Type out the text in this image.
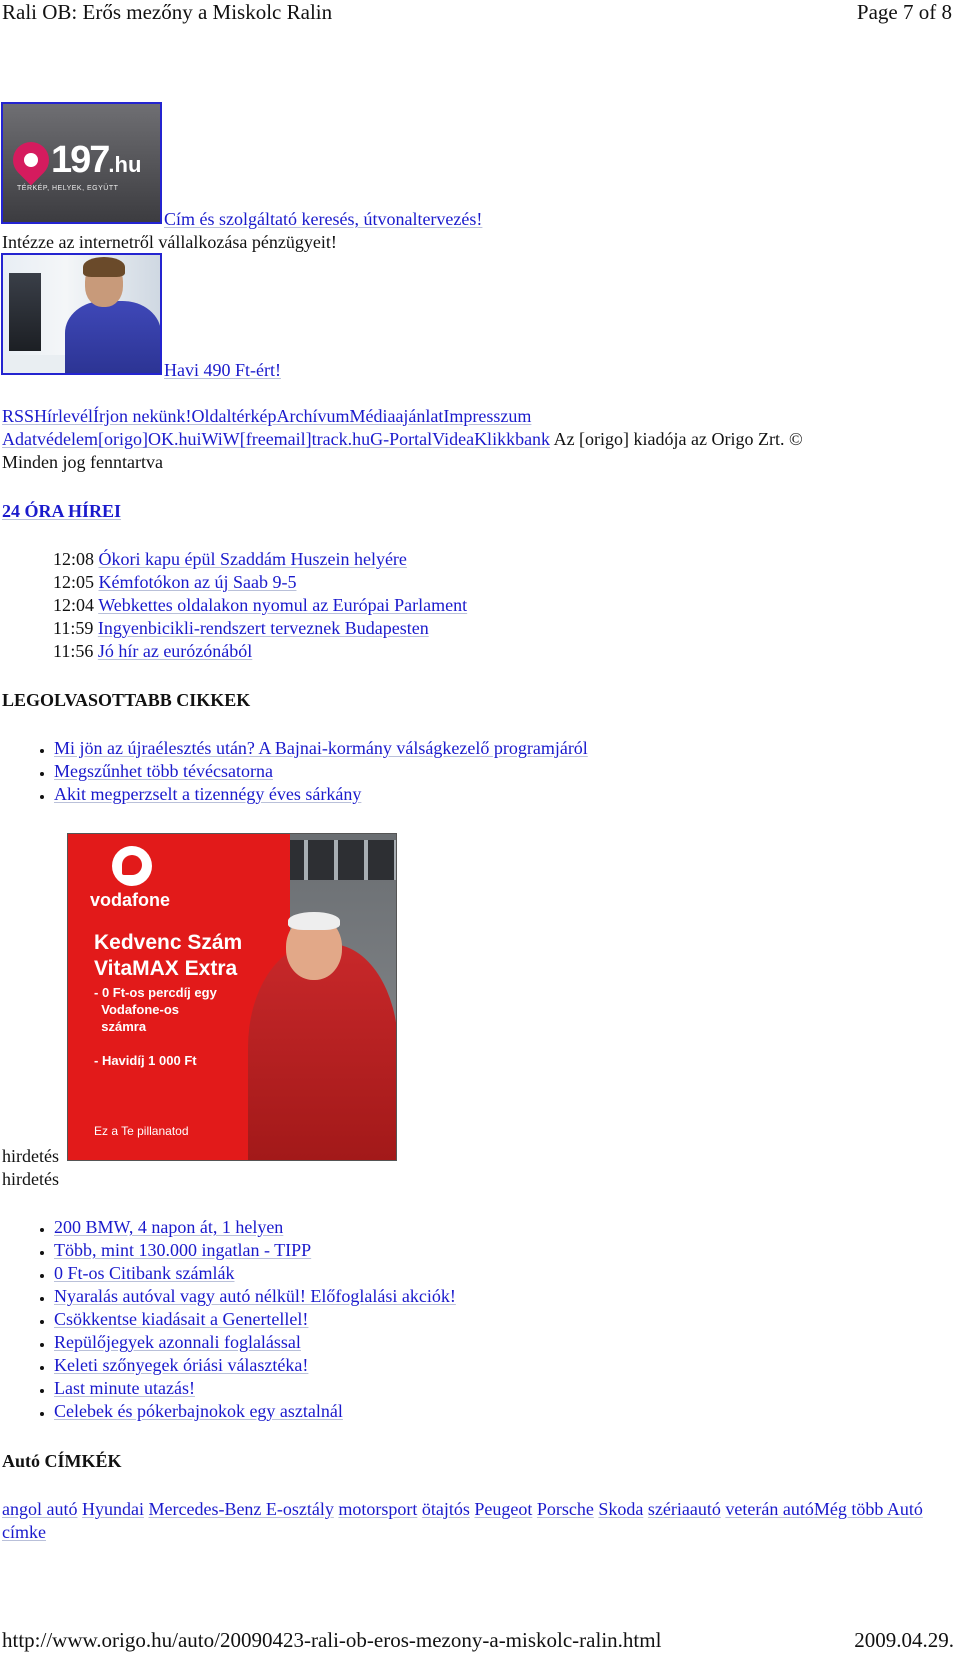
Rali OB: Erős mezőny a Miskolc Ralin	Page 7 of 8
197.hu
TÉRKÉP, HELYEK, EGYÜTT
Cím és szolgáltató keresés, útvonaltervezés!
Intézze az internetről vállalkozása pénzügyeit!
Havi 490 Ft-ért!
RSSHírlevélÍrjon nekünk!OldaltérképArchívumMédiaajánlatImpresszum
Adatvédelem[origo]OK.huiWiW[freemail]track.huG-PortalVideaKlikkbank Az [origo] kiadója az Origo Zrt. ©
Minden jog fenntartva
24 ÓRA HÍREI
12:08 Ókori kapu épül Szaddám Huszein helyére
12:05 Kémfotókon az új Saab 9-5
12:04 Webkettes oldalakon nyomul az Európai Parlament
11:59 Ingyenbicikli-rendszert terveznek Budapesten
11:56 Jó hír az eurózónából
LEGOLVASOTTABB CIKKEK
• Mi jön az újraélesztés után? A Bajnai-kormány válságkezelő programjáról
• Megszűnhet több tévécsatorna
• Akit megperzselt a tizennégy éves sárkány
vodafone
Kedvenc Szám
VitaMAX Extra
- 0 Ft-os percdíj egy
Vodafone-os
számra

- Havidíj 1 000 Ft
Ez a Te pillanatod
hirdetés
hirdetés
• 200 BMW, 4 napon át, 1 helyen
• Több, mint 130.000 ingatlan - TIPP
• 0 Ft-os Citibank számlák
• Nyaralás autóval vagy autó nélkül! Előfoglalási akciók!
• Csökkentse kiadásait a Genertellel!
• Repülőjegyek azonnali foglalással
• Keleti szőnyegek óriási választéka!
• Last minute utazás!
• Celebek és pókerbajnokok egy asztalnál
Autó CÍMKÉK
angol autó Hyundai Mercedes-Benz E-osztály motorsport ötajtós Peugeot Porsche Skoda szériaautó veterán autóMég több Autó címke
http://www.origo.hu/auto/20090423-rali-ob-eros-mezony-a-miskolc-ralin.html	2009.04.29.
